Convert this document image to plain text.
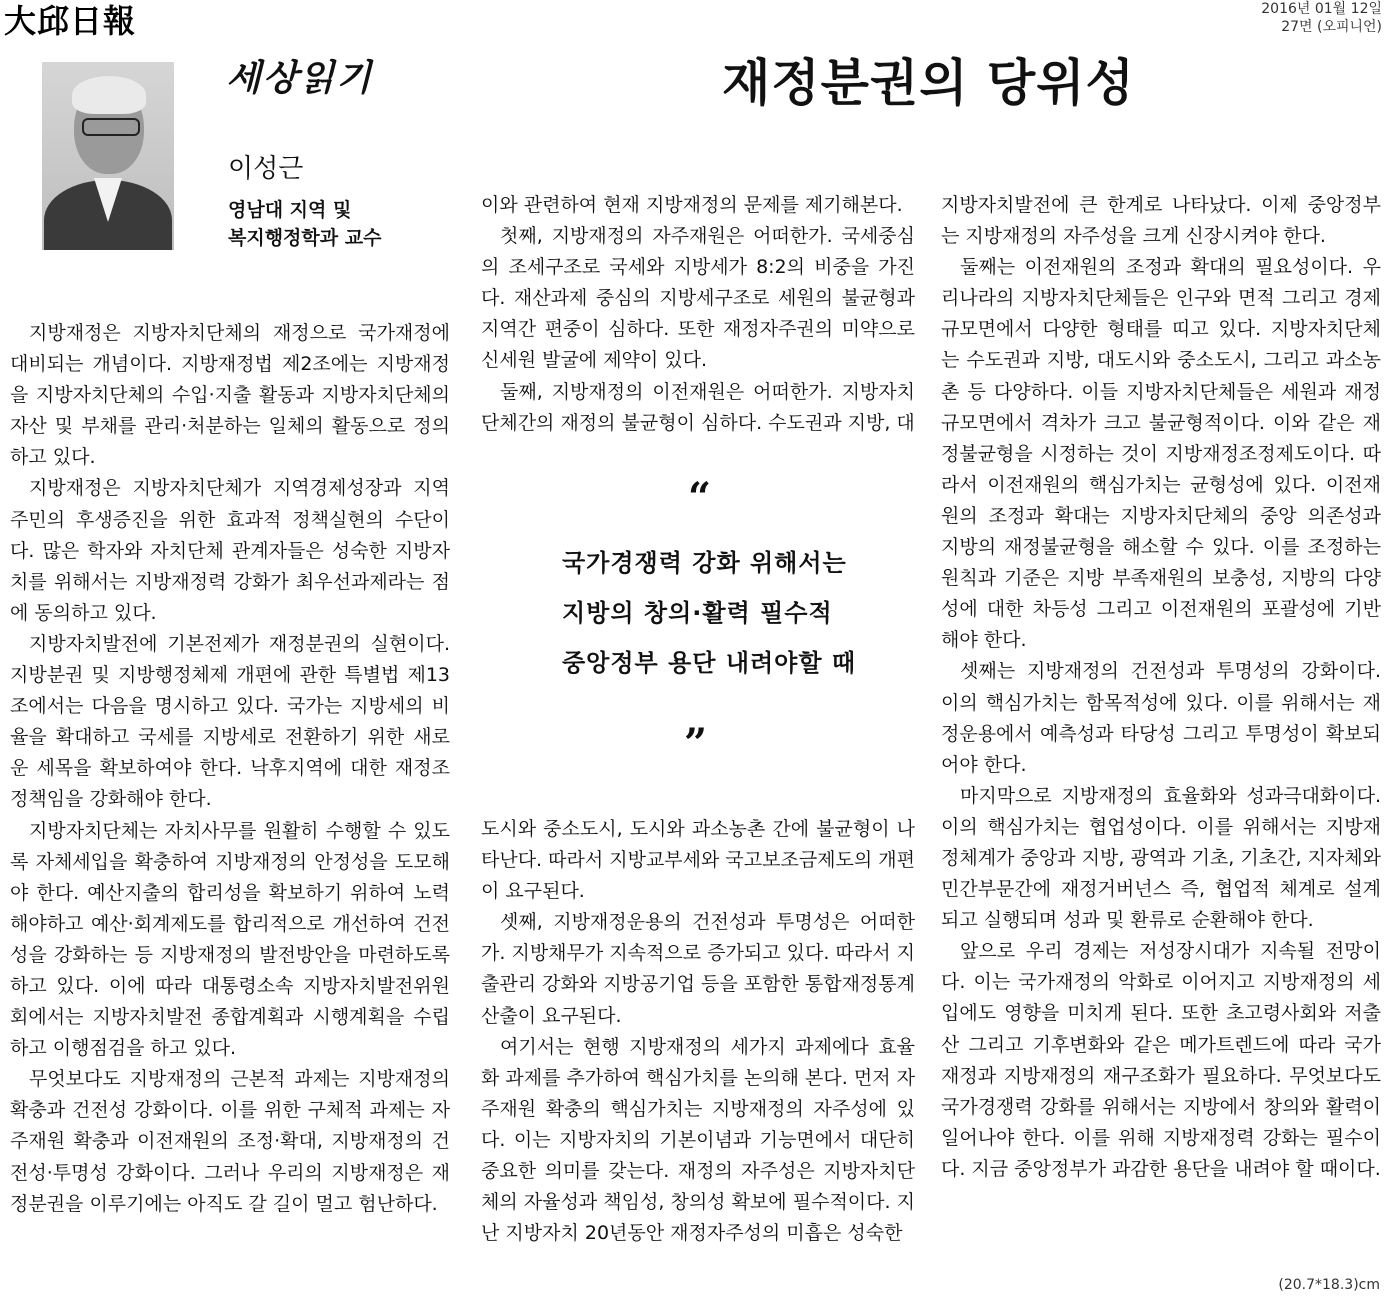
大邱日報	2016년 01월 12일
27면 (오피니언)
세상읽기	재정분권의 당위성
이성근
영남대 지역 및
복지행정학과 교수

지방재정은 지방자치단체의 재정으로 국가재정에 대비되는 개념이다. 지방재정법 제2조에는 지방재정을 지방자치단체의 수입·지출 활동과 지방자치단체의 자산 및 부채를 관리·처분하는 일체의 활동으로 정의하고 있다.

지방재정은 지방자치단체가 지역경제성장과 지역주민의 후생증진을 위한 효과적 정책실현의 수단이다. 많은 학자와 자치단체 관계자들은 성숙한 지방자치를 위해서는 지방재정력 강화가 최우선과제라는 점에 동의하고 있다.

지방자치발전에 기본전제가 재정분권의 실현이다. 지방분권 및 지방행정체제 개편에 관한 특별법 제13조에서는 다음을 명시하고 있다. 국가는 지방세의 비율을 확대하고 국세를 지방세로 전환하기 위한 새로운 세목을 확보하여야 한다. 낙후지역에 대한 재정조정책임을 강화해야 한다.

지방자치단체는 자치사무를 원활히 수행할 수 있도록 자체세입을 확충하여 지방재정의 안정성을 도모해야 한다. 예산지출의 합리성을 확보하기 위하여 노력해야하고 예산·회계제도를 합리적으로 개선하여 건전성을 강화하는 등 지방재정의 발전방안을 마련하도록 하고 있다. 이에 따라 대통령소속 지방자치발전위원회에서는 지방자치발전 종합계획과 시행계획을 수립하고 이행점검을 하고 있다.

무엇보다도 지방재정의 근본적 과제는 지방재정의 확충과 건전성 강화이다. 이를 위한 구체적 과제는 자주재원 확충과 이전재원의 조정·확대, 지방재정의 건전성·투명성 강화이다. 그러나 우리의 지방재정은 재정분권을 이루기에는 아직도 갈 길이 멀고 험난하다.

이와 관련하여 현재 지방재정의 문제를 제기해본다.

첫째, 지방재정의 자주재원은 어떠한가. 국세중심의 조세구조로 국세와 지방세가 8:2의 비중을 가진다. 재산과제 중심의 지방세구조로 세원의 불균형과 지역간 편중이 심하다. 또한 재정자주권의 미약으로 신세원 발굴에 제약이 있다.

둘째, 지방재정의 이전재원은 어떠한가. 지방자치단체간의 재정의 불균형이 심하다. 수도권과 지방, 대

“
국가경쟁력 강화 위해서는
지방의 창의·활력 필수적
중앙정부 용단 내려야할 때
”

도시와 중소도시, 도시와 과소농촌 간에 불균형이 나타난다. 따라서 지방교부세와 국고보조금제도의 개편이 요구된다.

셋째, 지방재정운용의 건전성과 투명성은 어떠한가. 지방채무가 지속적으로 증가되고 있다. 따라서 지출관리 강화와 지방공기업 등을 포함한 통합재정통계 산출이 요구된다.

여기서는 현행 지방재정의 세가지 과제에다 효율화 과제를 추가하여 핵심가치를 논의해 본다. 먼저 자주재원 확충의 핵심가치는 지방재정의 자주성에 있다. 이는 지방자치의 기본이념과 기능면에서 대단히 중요한 의미를 갖는다. 재정의 자주성은 지방자치단체의 자율성과 책임성, 창의성 확보에 필수적이다. 지난 지방자치 20년동안 재정자주성의 미흡은 성숙한

지방자치발전에 큰 한계로 나타났다. 이제 중앙정부는 지방재정의 자주성을 크게 신장시켜야 한다.

둘째는 이전재원의 조정과 확대의 필요성이다. 우리나라의 지방자치단체들은 인구와 면적 그리고 경제규모면에서 다양한 형태를 띠고 있다. 지방자치단체는 수도권과 지방, 대도시와 중소도시, 그리고 과소농촌 등 다양하다. 이들 지방자치단체들은 세원과 재정규모면에서 격차가 크고 불균형적이다. 이와 같은 재정불균형을 시정하는 것이 지방재정조정제도이다. 따라서 이전재원의 핵심가치는 균형성에 있다. 이전재원의 조정과 확대는 지방자치단체의 중앙 의존성과 지방의 재정불균형을 해소할 수 있다. 이를 조정하는 원칙과 기준은 지방 부족재원의 보충성, 지방의 다양성에 대한 차등성 그리고 이전재원의 포괄성에 기반해야 한다.

셋째는 지방재정의 건전성과 투명성의 강화이다. 이의 핵심가치는 함목적성에 있다. 이를 위해서는 재정운용에서 예측성과 타당성 그리고 투명성이 확보되어야 한다.

마지막으로 지방재정의 효율화와 성과극대화이다. 이의 핵심가치는 협업성이다. 이를 위해서는 지방재정체계가 중앙과 지방, 광역과 기초, 기초간, 지자체와 민간부문간에 재정거버넌스 즉, 협업적 체계로 설계되고 실행되며 성과 및 환류로 순환해야 한다.

앞으로 우리 경제는 저성장시대가 지속될 전망이다. 이는 국가재정의 악화로 이어지고 지방재정의 세입에도 영향을 미치게 된다. 또한 초고령사회와 저출산 그리고 기후변화와 같은 메가트렌드에 따라 국가재정과 지방재정의 재구조화가 필요하다. 무엇보다도 국가경쟁력 강화를 위해서는 지방에서 창의와 활력이 일어나야 한다. 이를 위해 지방재정력 강화는 필수이다. 지금 중앙정부가 과감한 용단을 내려야 할 때이다.

(20.7*18.3)cm
